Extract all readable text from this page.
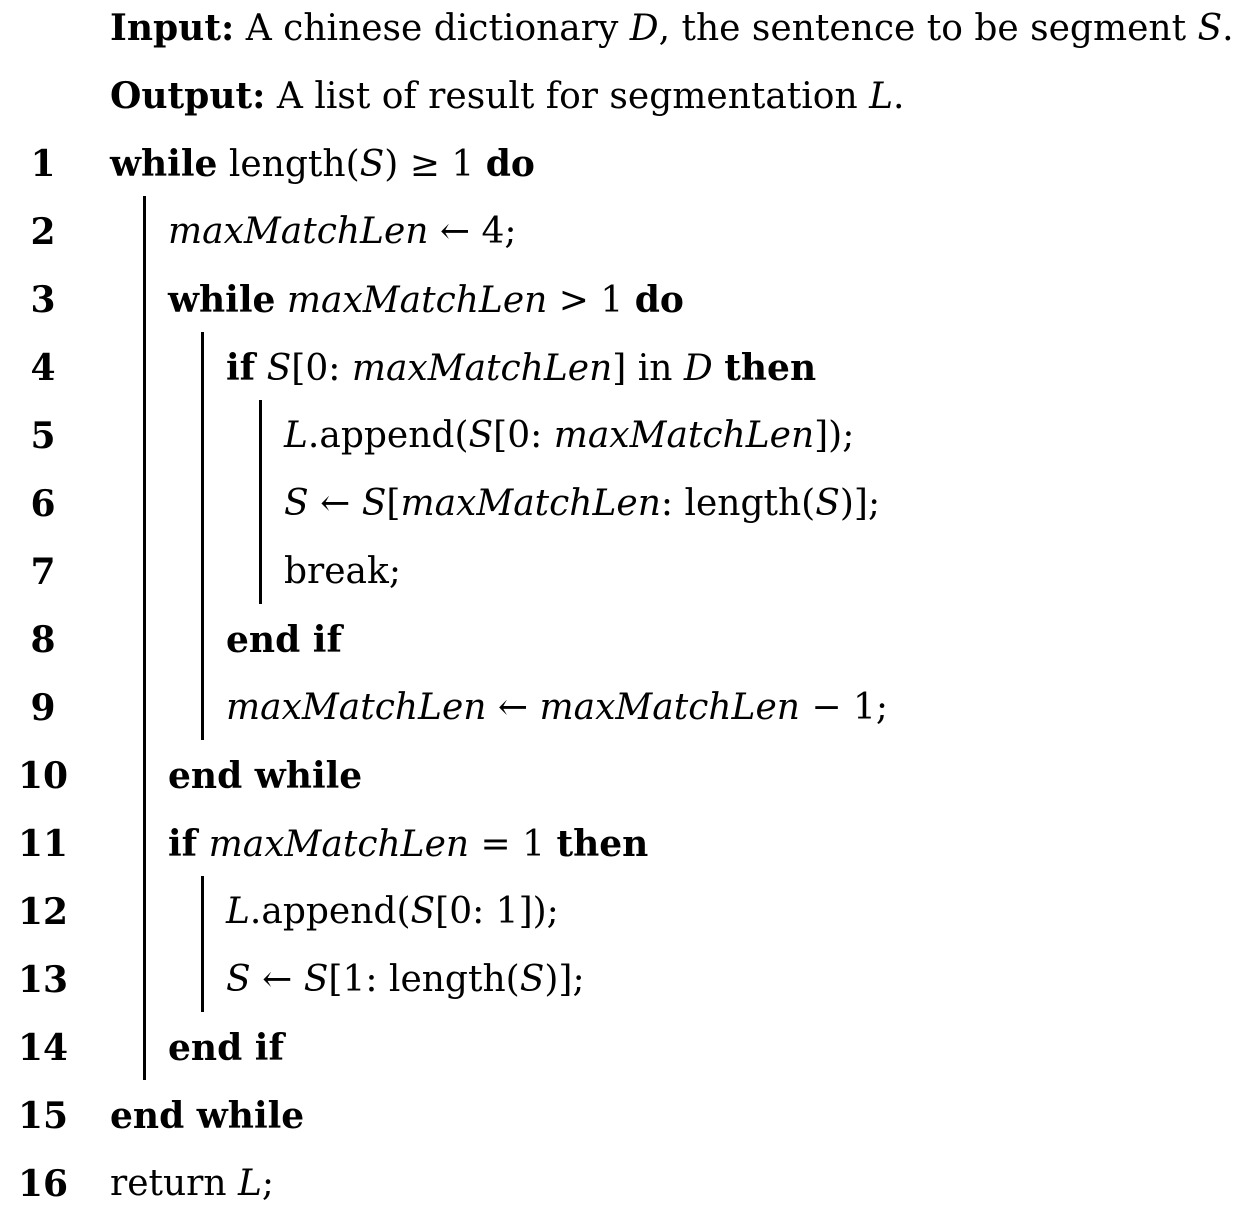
Input: A chinese dictionary D, the sentence to be segment S.
Output: A list of result for segmentation L.
1	while length(S) ≥ 1 do
2	maxMatchLen ← 4;
3	while maxMatchLen > 1 do
4	if S[0: maxMatchLen] in D then
5	L.append(S[0: maxMatchLen]);
6	S ← S[maxMatchLen: length(S)];
7	break;
8	end if
9	maxMatchLen ← maxMatchLen − 1;
10	end while
11	if maxMatchLen = 1 then
12	L.append(S[0: 1]);
13	S ← S[1: length(S)];
14	end if
15	end while
16	return L;
